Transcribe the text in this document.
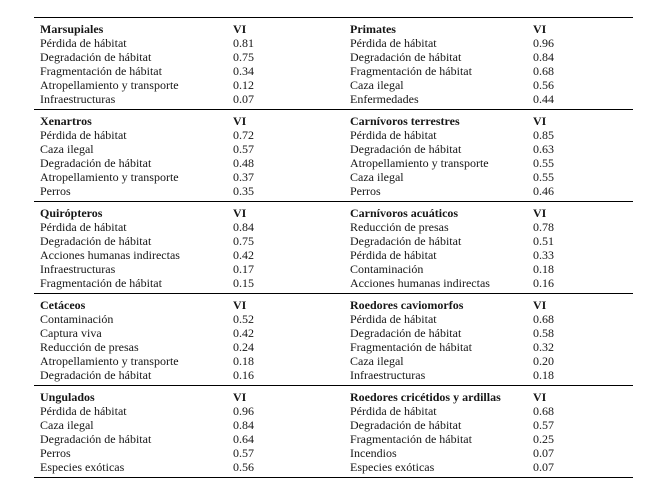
Marsupiales	VI
Pérdida de hábitat	0.81
Degradación de hábitat	0.75
Fragmentación de hábitat	0.34
Atropellamiento y transporte	0.12
Infraestructuras	0.07
Primates	VI
Pérdida de hábitat	0.96
Degradación de hábitat	0.84
Fragmentación de hábitat	0.68
Caza ilegal	0.56
Enfermedades	0.44
Xenartros	VI
Pérdida de hábitat	0.72
Caza ilegal	0.57
Degradación de hábitat	0.48
Atropellamiento y transporte	0.37
Perros	0.35
Carnívoros terrestres	VI
Pérdida de hábitat	0.85
Degradación de hábitat	0.63
Atropellamiento y transporte	0.55
Caza ilegal	0.55
Perros	0.46
Quirópteros	VI
Pérdida de hábitat	0.84
Degradación de hábitat	0.75
Acciones humanas indirectas	0.42
Infraestructuras	0.17
Fragmentación de hábitat	0.15
Carnívoros acuáticos	VI
Reducción de presas	0.78
Degradación de hábitat	0.51
Pérdida de hábitat	0.33
Contaminación	0.18
Acciones humanas indirectas	0.16
Cetáceos	VI
Contaminación	0.52
Captura viva	0.42
Reducción de presas	0.24
Atropellamiento y transporte	0.18
Degradación de hábitat	0.16
Roedores caviomorfos	VI
Pérdida de hábitat	0.68
Degradación de hábitat	0.58
Fragmentación de hábitat	0.32
Caza ilegal	0.20
Infraestructuras	0.18
Ungulados	VI
Pérdida de hábitat	0.96
Caza ilegal	0.84
Degradación de hábitat	0.64
Perros	0.57
Especies exóticas	0.56
Roedores cricétidos y ardillas	VI
Pérdida de hábitat	0.68
Degradación de hábitat	0.57
Fragmentación de hábitat	0.25
Incendios	0.07
Especies exóticas	0.07
